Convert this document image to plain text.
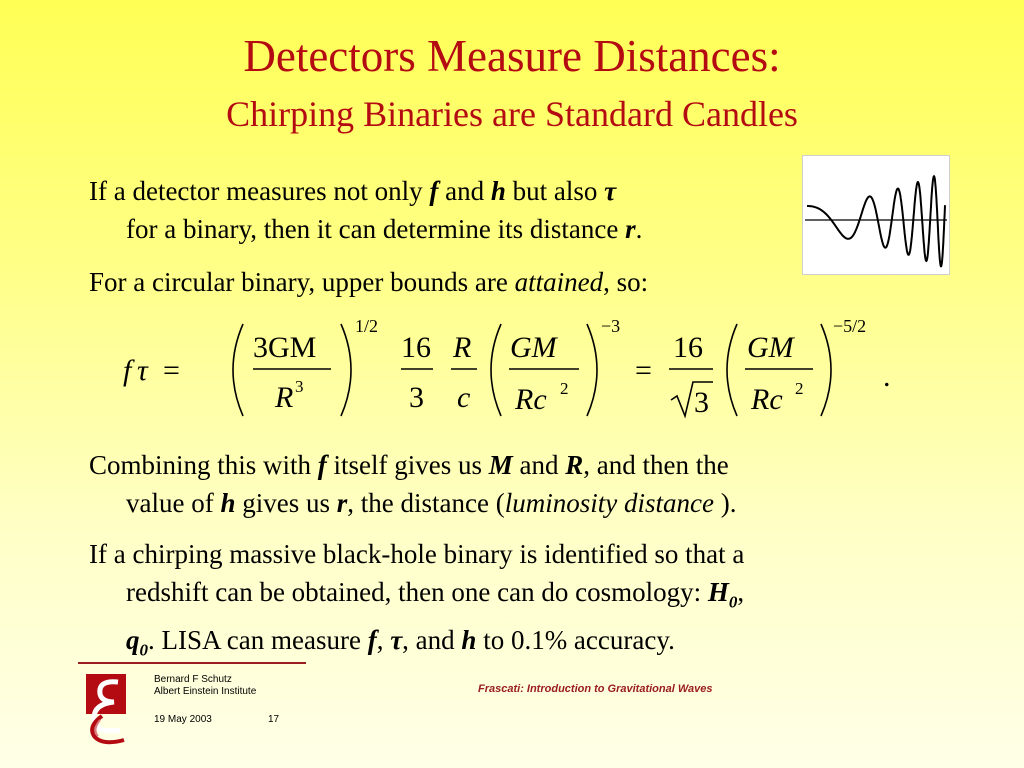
Detectors Measure Distances:
Chirping Binaries are Standard Candles
If a detector measures not only f and h but also τ
for a binary, then it can determine its distance r.
For a circular binary, upper bounds are attained, so:
f τ =
3GM
R 3
1/2
16
3
R
c
GM
Rc 2
−3
=
16
3
GM
Rc 2
−5/2
.
Combining this with f itself gives us M and R, and then the
value of h gives us r, the distance (luminosity distance ).
If a chirping massive black-hole binary is identified so that a
redshift can be obtained, then one can do cosmology: $H_0$,
$q_0$. LISA can measure f, τ, and h to 0.1% accuracy.
Bernard F Schutz
Albert Einstein Institute
19 May 2003	17
Frascati: Introduction to Gravitational Waves
